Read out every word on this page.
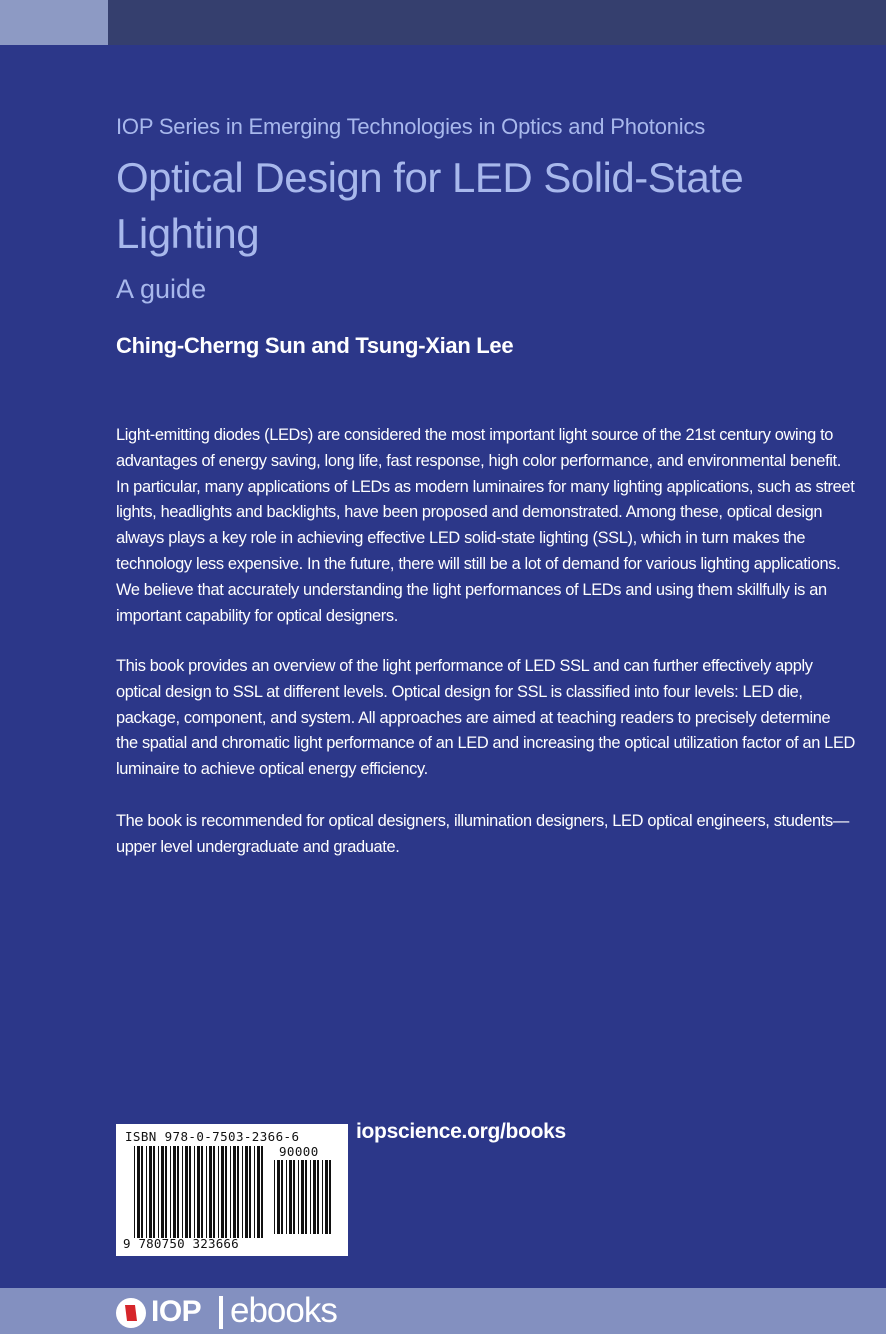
IOP Series in Emerging Technologies in Optics and Photonics
Optical Design for LED Solid-State Lighting
A guide
Ching-Cherng Sun and Tsung-Xian Lee

Light-emitting diodes (LEDs) are considered the most important light source of the 21st century owing to advantages of energy saving, long life, fast response, high color performance, and environmental benefit. In particular, many applications of LEDs as modern luminaires for many lighting applications, such as street lights, headlights and backlights, have been proposed and demonstrated. Among these, optical design always plays a key role in achieving effective LED solid-state lighting (SSL), which in turn makes the technology less expensive. In the future, there will still be a lot of demand for various lighting applications. We believe that accurately understanding the light performances of LEDs and using them skillfully is an important capability for optical designers.

This book provides an overview of the light performance of LED SSL and can further effectively apply optical design to SSL at different levels. Optical design for SSL is classified into four levels: LED die, package, component, and system. All approaches are aimed at teaching readers to precisely determine the spatial and chromatic light performance of an LED and increasing the optical utilization factor of an LED luminaire to achieve optical energy efficiency.

The book is recommended for optical designers, illumination designers, LED optical engineers, students—upper level undergraduate and graduate.

ISBN 978-0-7503-2366-6
90000
9 780750 323666
iopscience.org/books
IOP ebooks
